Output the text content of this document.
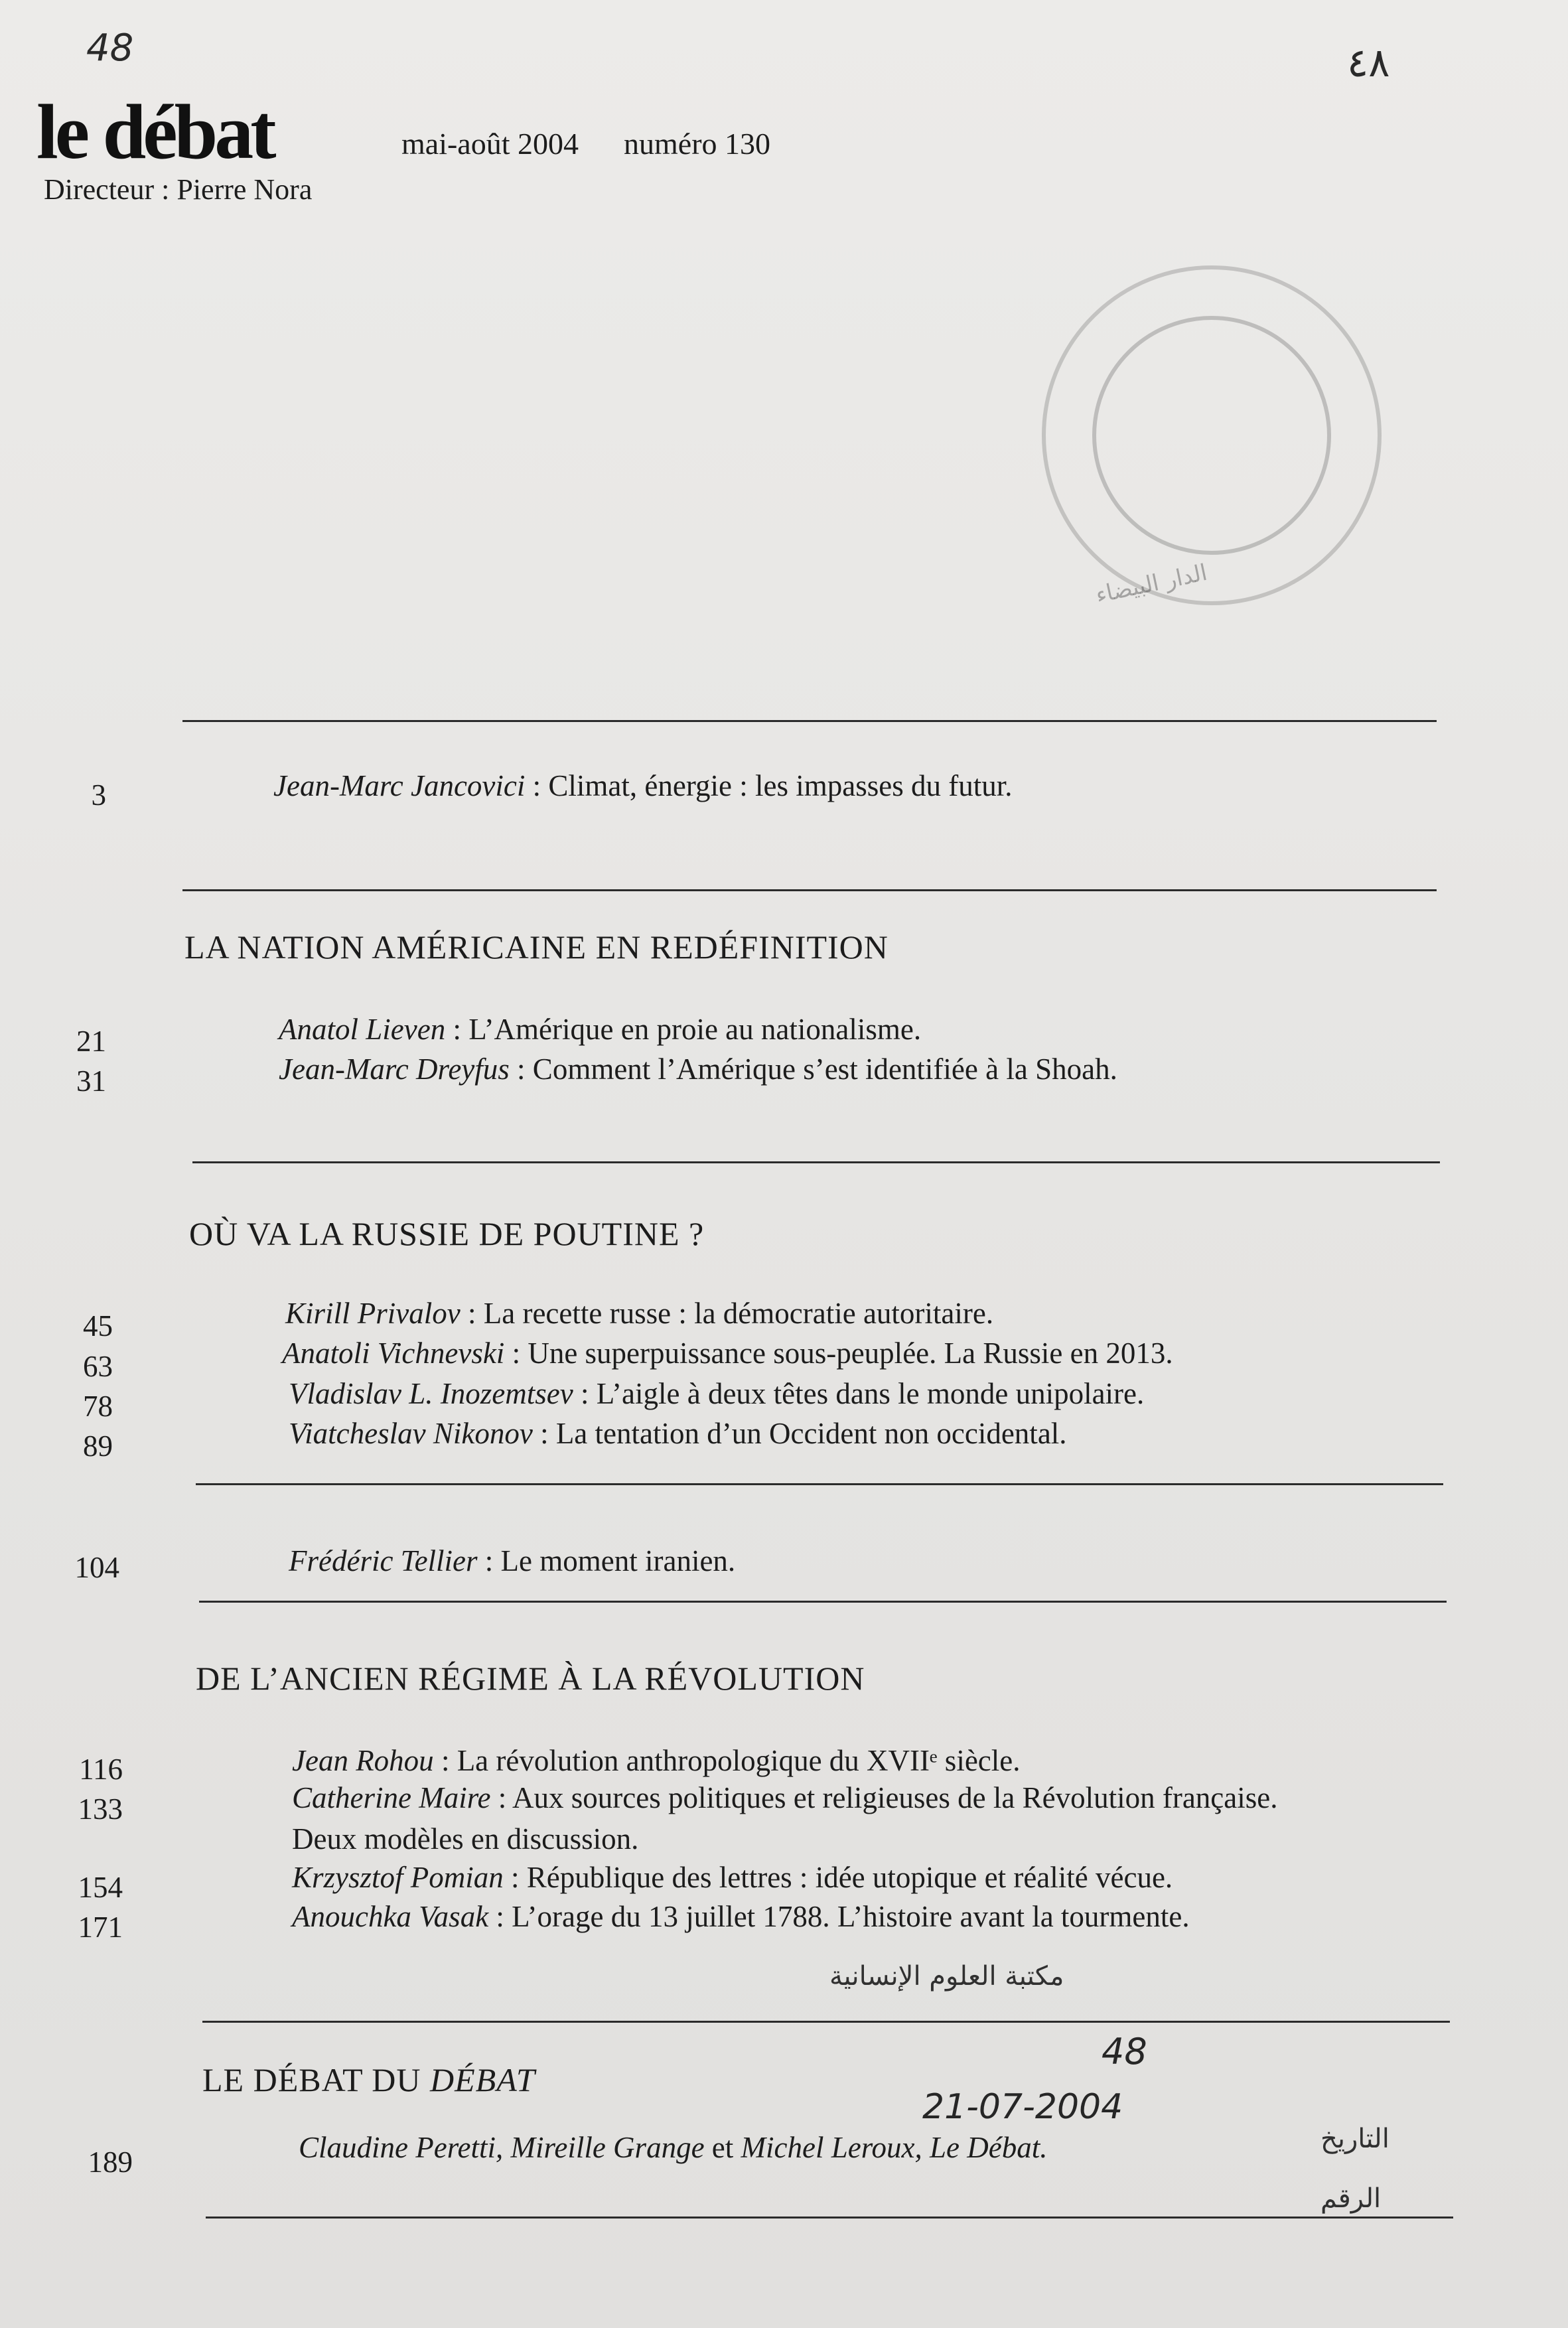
48	٤٨
le débat	mai-août 2004 numéro 130
Directeur : Pierre Nora
الدار البيضاء
3	Jean-Marc Jancovici : Climat, énergie : les impasses du futur.
LA NATION AMÉRICAINE EN REDÉFINITION
21	Anatol Lieven : L’Amérique en proie au nationalisme.
31	Jean-Marc Dreyfus : Comment l’Amérique s’est identifiée à la Shoah.
OÙ VA LA RUSSIE DE POUTINE ?
45	Kirill Privalov : La recette russe : la démocratie autoritaire.
63	Anatoli Vichnevski : Une superpuissance sous-peuplée. La Russie en 2013.
78	Vladislav L. Inozemtsev : L’aigle à deux têtes dans le monde unipolaire.
89	Viatcheslav Nikonov : La tentation d’un Occident non occidental.
104	Frédéric Tellier : Le moment iranien.
DE L’ANCIEN RÉGIME À LA RÉVOLUTION
116	Jean Rohou : La révolution anthropologique du XVIIᵉ siècle.
133	Catherine Maire : Aux sources politiques et religieuses de la Révolution française.
Deux modèles en discussion.
154	Krzysztof Pomian : République des lettres : idée utopique et réalité vécue.
171	Anouchka Vasak : L’orage du 13 juillet 1788. L’histoire avant la tourmente.
مكتبة العلوم الإنسانية
LE DÉBAT DU DÉBAT
48
21-07-2004
التاريخ
الرقم
189	Claudine Peretti, Mireille Grange et Michel Leroux, Le Débat.
